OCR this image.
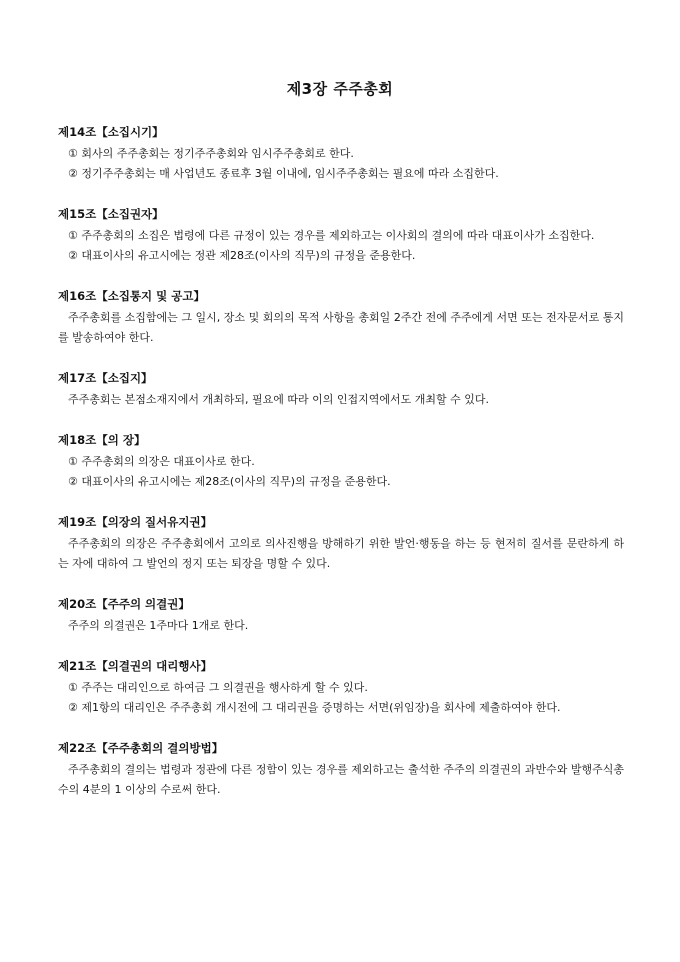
제3장 주주총회
제14조【소집시기】
① 회사의 주주총회는 정기주주총회와 임시주주총회로 한다.
② 정기주주총회는 매 사업년도 종료후 3월 이내에, 임시주주총회는 필요에 따라 소집한다.
제15조【소집권자】
① 주주총회의 소집은 법령에 다른 규정이 있는 경우를 제외하고는 이사회의 결의에 따라 대표이사가 소집한다.
② 대표이사의 유고시에는 정관 제28조(이사의 직무)의 규정을 준용한다.
제16조【소집통지 및 공고】
주주총회를 소집함에는 그 일시, 장소 및 회의의 목적 사항을 총회일 2주간 전에 주주에게 서면 또는 전자문서로 통지를 발송하여야 한다.
제17조【소집지】
주주총회는 본점소재지에서 개최하되, 필요에 따라 이의 인접지역에서도 개최할 수 있다.
제18조【의 장】
① 주주총회의 의장은 대표이사로 한다.
② 대표이사의 유고시에는 제28조(이사의 직무)의 규정을 준용한다.
제19조【의장의 질서유지권】
주주총회의 의장은 주주총회에서 고의로 의사진행을 방해하기 위한 발언·행동을 하는 등 현저히 질서를 문란하게 하는 자에 대하여 그 발언의 정지 또는 퇴장을 명할 수 있다.
제20조【주주의 의결권】
주주의 의결권은 1주마다 1개로 한다.
제21조【의결권의 대리행사】
① 주주는 대리인으로 하여금 그 의결권을 행사하게 할 수 있다.
② 제1항의 대리인은 주주총회 개시전에 그 대리권을 증명하는 서면(위임장)을 회사에 제출하여야 한다.
제22조【주주총회의 결의방법】
주주총회의 결의는 법령과 정관에 다른 정함이 있는 경우를 제외하고는 출석한 주주의 의결권의 과반수와 발행주식총수의 4분의 1 이상의 수로써 한다.
